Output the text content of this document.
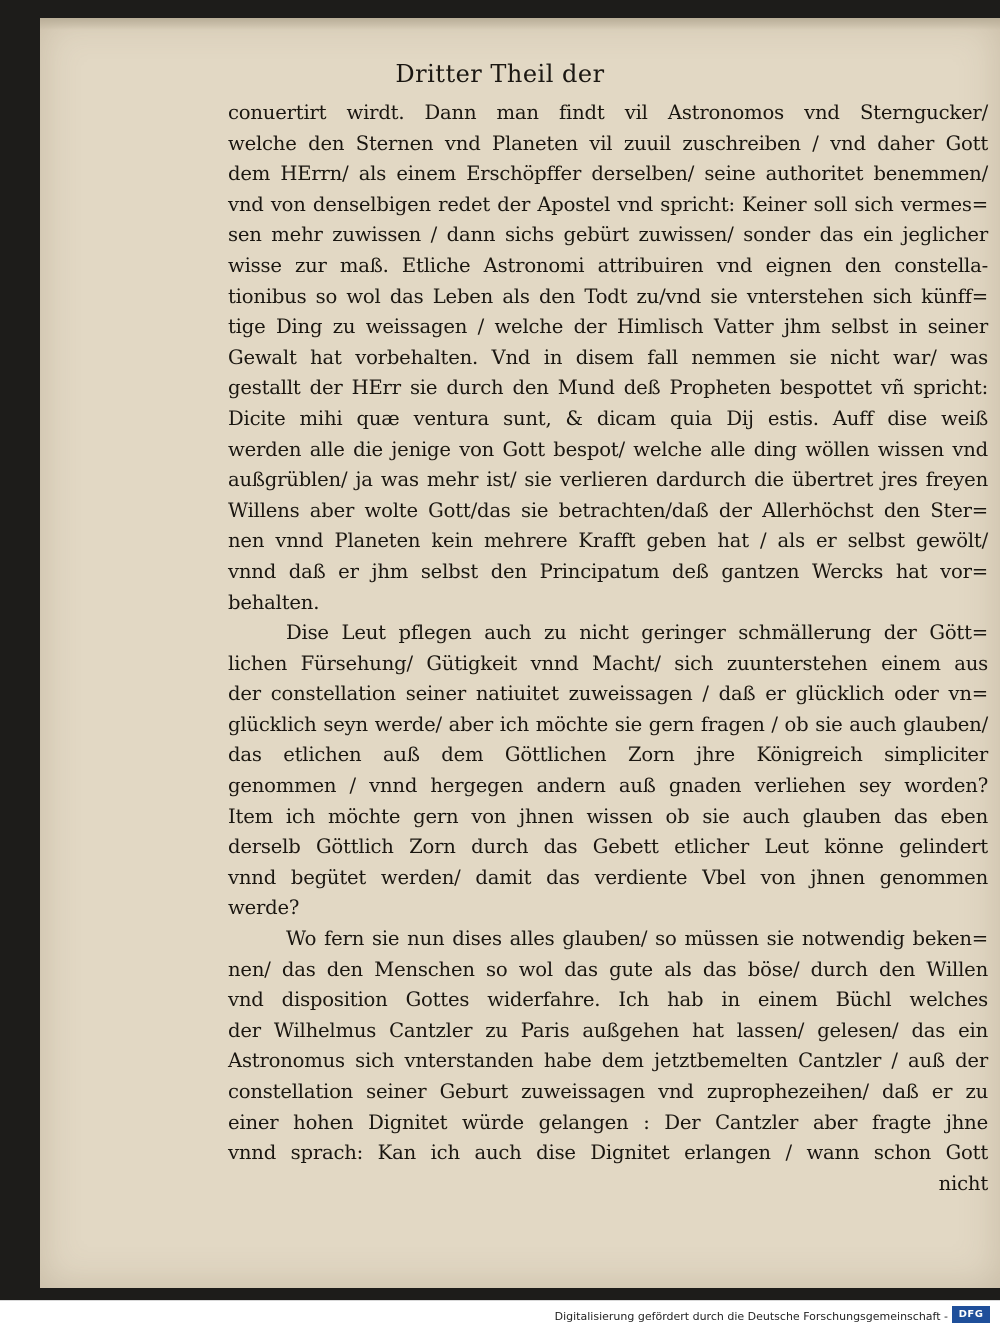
Dritter Theil der
conuertirt wirdt. Dann man findt vil Astronomos vnd Sterngucker/
welche den Sternen vnd Planeten vil zuuil zuschreiben / vnd daher Gott
dem HErrn/ als einem Erschöpffer derselben/ seine authoritet benemmen/
vnd von denselbigen redet der Apostel vnd spricht: Keiner soll sich vermes=
sen mehr zuwissen / dann sichs gebürt zuwissen/ sonder das ein jeglicher
wisse zur maß. Etliche Astronomi attribuiren vnd eignen den constella-
tionibus so wol das Leben als den Todt zu/vnd sie vnterstehen sich künff=
tige Ding zu weissagen / welche der Himlisch Vatter jhm selbst in seiner
Gewalt hat vorbehalten. Vnd in disem fall nemmen sie nicht war/ was
gestallt der HErr sie durch den Mund deß Propheten bespottet vñ spricht:
Dicite mihi quæ ventura sunt, & dicam quia Dij estis. Auff dise weiß
werden alle die jenige von Gott bespot/ welche alle ding wöllen wissen vnd
außgrüblen/ ja was mehr ist/ sie verlieren dardurch die übertret jres freyen
Willens aber wolte Gott/das sie betrachten/daß der Allerhöchst den Ster=
nen vnnd Planeten kein mehrere Krafft geben hat / als er selbst gewölt/
vnnd daß er jhm selbst den Principatum deß gantzen Wercks hat vor=
behalten.
Dise Leut pflegen auch zu nicht geringer schmällerung der Gött=
lichen Fürsehung/ Gütigkeit vnnd Macht/ sich zuunterstehen einem aus
der constellation seiner natiuitet zuweissagen / daß er glücklich oder vn=
glücklich seyn werde/ aber ich möchte sie gern fragen / ob sie auch glauben/
das etlichen auß dem Göttlichen Zorn jhre Königreich simpliciter
genommen / vnnd hergegen andern auß gnaden verliehen sey worden?
Item ich möchte gern von jhnen wissen ob sie auch glauben das eben
derselb Göttlich Zorn durch das Gebett etlicher Leut könne gelindert
vnnd begütet werden/ damit das verdiente Vbel von jhnen genommen
werde?
Wo fern sie nun dises alles glauben/ so müssen sie notwendig beken=
nen/ das den Menschen so wol das gute als das böse/ durch den Willen
vnd disposition Gottes widerfahre. Ich hab in einem Büchl welches
der Wilhelmus Cantzler zu Paris außgehen hat lassen/ gelesen/ das ein
Astronomus sich vnterstanden habe dem jetztbemelten Cantzler / auß der
constellation seiner Geburt zuweissagen vnd zuprophezeihen/ daß er zu
einer hohen Dignitet würde gelangen : Der Cantzler aber fragte jhne
vnnd sprach: Kan ich auch dise Dignitet erlangen / wann schon Gott
nicht
Digitalisierung gefördert durch die Deutsche Forschungsgemeinschaft -	DFG
